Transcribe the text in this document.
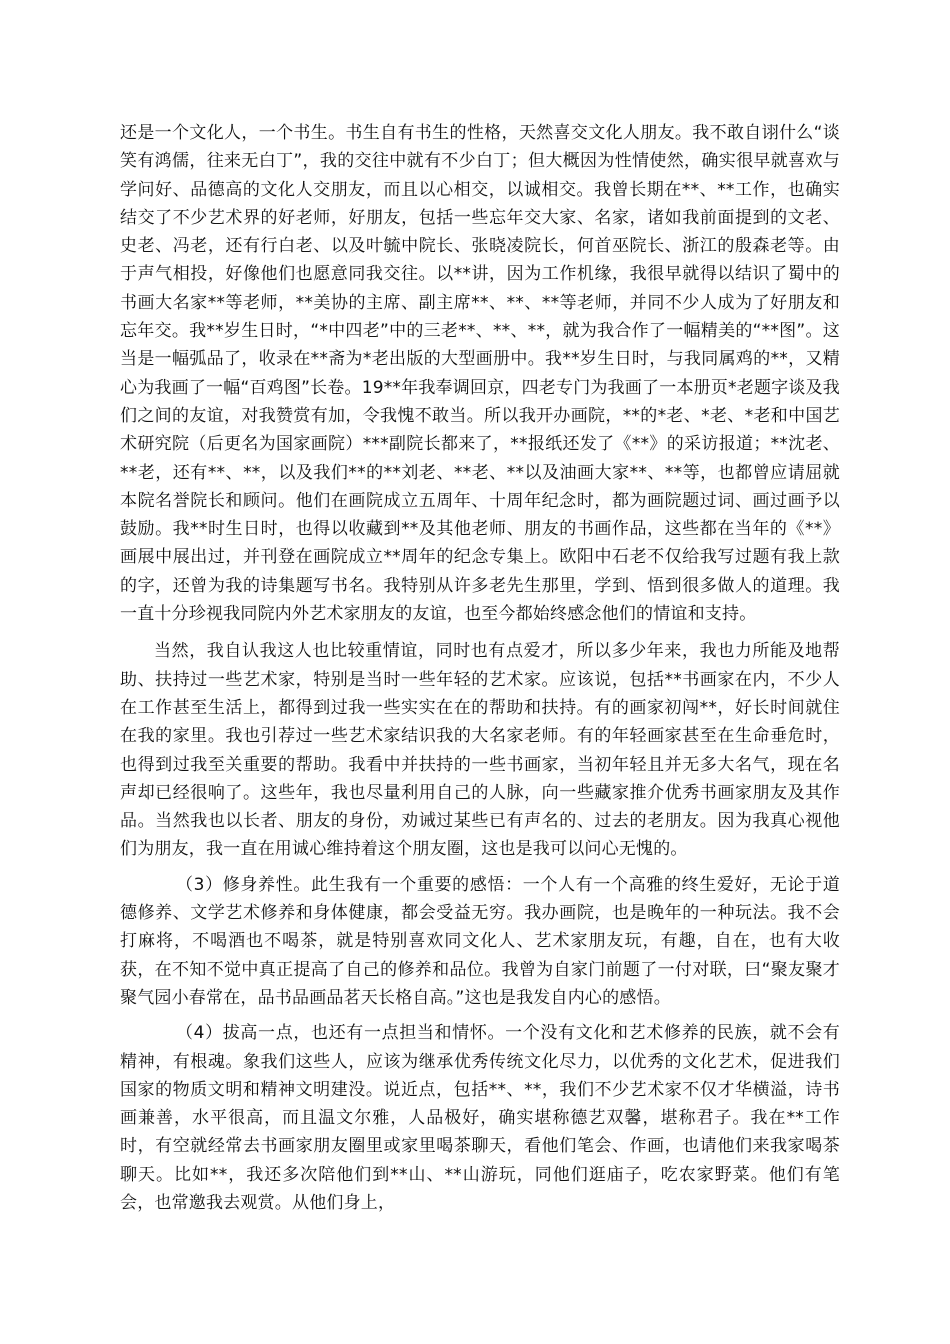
还是一个文化人，一个书生。书生自有书生的性格，天然喜交文化人朋友。我不敢自诩什么“谈笑有鸿儒，往来无白丁”，我的交往中就有不少白丁；但大概因为性情使然，确实很早就喜欢与学问好、品德高的文化人交朋友，而且以心相交，以诚相交。我曾长期在**、**工作，也确实结交了不少艺术界的好老师，好朋友，包括一些忘年交大家、名家，诸如我前面提到的文老、史老、冯老，还有行白老、以及叶毓中院长、张晓凌院长，何首巫院长、浙江的殷森老等。由于声气相投，好像他们也愿意同我交往。以**讲，因为工作机缘，我很早就得以结识了蜀中的书画大名家**等老师，**美协的主席、副主席**、**、**等老师，并同不少人成为了好朋友和忘年交。我**岁生日时，“*中四老”中的三老**、**、**，就为我合作了一幅精美的“**图”。这当是一幅弧品了，收录在**斋为*老出版的大型画册中。我**岁生日时，与我同属鸡的**，又精心为我画了一幅“百鸡图”长卷。19**年我奉调回京，四老专门为我画了一本册页*老题字谈及我们之间的友谊，对我赞赏有加，令我愧不敢当。所以我开办画院，**的*老、*老、*老和中国艺术研究院（后更名为国家画院）***副院长都来了，**报纸还发了《**》的采访报道；**沈老、**老，还有**、**，以及我们**的**刘老、**老、**以及油画大家**、**等，也都曾应请屈就本院名誉院长和顾问。他们在画院成立五周年、十周年纪念时，都为画院题过词、画过画予以鼓励。我**时生日时，也得以收藏到**及其他老师、朋友的书画作品，这些都在当年的《**》画展中展出过，并刊登在画院成立**周年的纪念专集上。欧阳中石老不仅给我写过题有我上款的字，还曾为我的诗集题写书名。我特别从许多老先生那里，学到、悟到很多做人的道理。我一直十分珍视我同院内外艺术家朋友的友谊，也至今都始终感念他们的情谊和支持。

当然，我自认我这人也比较重情谊，同时也有点爱才，所以多少年来，我也力所能及地帮助、扶持过一些艺术家，特别是当时一些年轻的艺术家。应该说，包括**书画家在内，不少人在工作甚至生活上，都得到过我一些实实在在的帮助和扶持。有的画家初闯**，好长时间就住在我的家里。我也引荐过一些艺术家结识我的大名家老师。有的年轻画家甚至在生命垂危时，也得到过我至关重要的帮助。我看中并扶持的一些书画家，当初年轻且并无多大名气，现在名声却已经很响了。这些年，我也尽量利用自己的人脉，向一些藏家推介优秀书画家朋友及其作品。当然我也以长者、朋友的身份，劝诫过某些已有声名的、过去的老朋友。因为我真心视他们为朋友，我一直在用诚心维持着这个朋友圈，这也是我可以问心无愧的。

（3）修身养性。此生我有一个重要的感悟：一个人有一个高雅的终生爱好，无论于道德修养、文学艺术修养和身体健康，都会受益无穷。我办画院，也是晚年的一种玩法。我不会打麻将，不喝酒也不喝茶，就是特别喜欢同文化人、艺术家朋友玩，有趣，自在，也有大收获，在不知不觉中真正提高了自己的修养和品位。我曾为自家门前题了一付对联，曰“聚友聚才聚气园小春常在，品书品画品茗天长格自高。”这也是我发自内心的感悟。

（4）拔高一点，也还有一点担当和情怀。一个没有文化和艺术修养的民族，就不会有精神，有根魂。象我们这些人，应该为继承优秀传统文化尽力，以优秀的文化艺术，促进我们国家的物质文明和精神文明建没。说近点，包括**、**，我们不少艺术家不仅才华横溢，诗书画兼善，水平很高，而且温文尔雅，人品极好，确实堪称德艺双馨，堪称君子。我在**工作时，有空就经常去书画家朋友圈里或家里喝茶聊天，看他们笔会、作画，也请他们来我家喝茶聊天。比如**，我还多次陪他们到**山、**山游玩，同他们逛庙子，吃农家野菜。他们有笔会，也常邀我去观赏。从他们身上，
